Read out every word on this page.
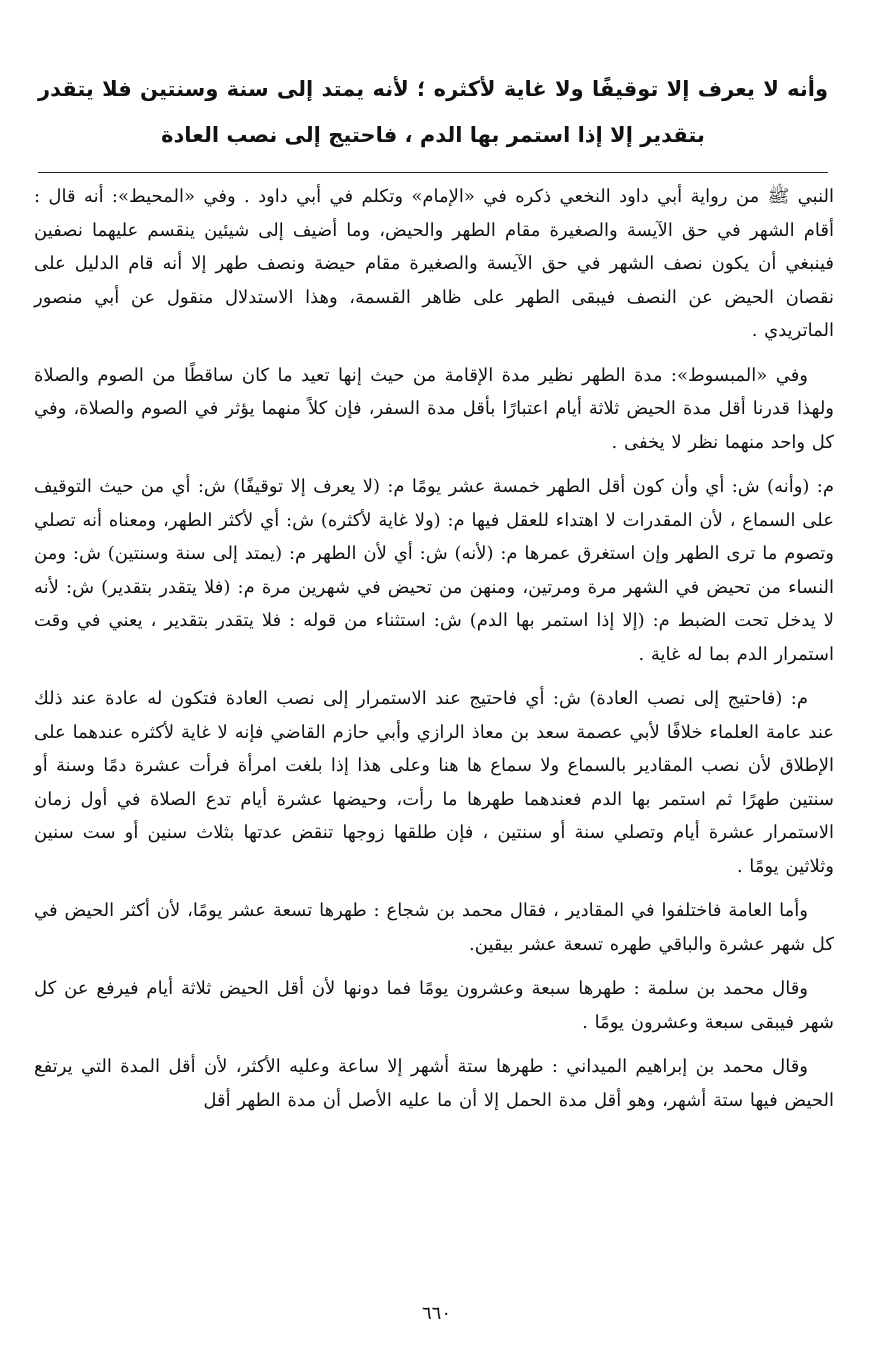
وأنه لا يعرف إلا توقيفًا ولا غاية لأكثره ؛ لأنه يمتد إلى سنة وسنتين فلا يتقدر بتقدير إلا إذا استمر بها الدم ، فاحتيج إلى نصب العادة

النبي ﷺ من رواية أبي داود النخعي ذكره في «الإمام» وتكلم في أبي داود . وفي «المحيط»: أنه قال : أقام الشهر في حق الآيسة والصغيرة مقام الطهر والحيض، وما أضيف إلى شيئين ينقسم عليهما نصفين فينبغي أن يكون نصف الشهر في حق الآيسة والصغيرة مقام حيضة ونصف طهر إلا أنه قام الدليل على نقصان الحيض عن النصف فيبقى الطهر على ظاهر القسمة، وهذا الاستدلال منقول عن أبي منصور الماتريدي .

وفي «المبسوط»: مدة الطهر نظير مدة الإقامة من حيث إنها تعيد ما كان ساقطًا من الصوم والصلاة ولهذا قدرنا أقل مدة الحيض ثلاثة أيام اعتبارًا بأقل مدة السفر، فإن كلاً منهما يؤثر في الصوم والصلاة، وفي كل واحد منهما نظر لا يخفى .

م: (وأنه) ش: أي وأن كون أقل الطهر خمسة عشر يومًا م: (لا يعرف إلا توقيفًا) ش: أي من حيث التوقيف على السماع ، لأن المقدرات لا اهتداء للعقل فيها م: (ولا غاية لأكثره) ش: أي لأكثر الطهر، ومعناه أنه تصلي وتصوم ما ترى الطهر وإن استغرق عمرها م: (لأنه) ش: أي لأن الطهر م: (يمتد إلى سنة وسنتين) ش: ومن النساء من تحيض في الشهر مرة ومرتين، ومنهن من تحيض في شهرين مرة م: (فلا يتقدر بتقدير) ش: لأنه لا يدخل تحت الضبط م: (إلا إذا استمر بها الدم) ش: استثناء من قوله : فلا يتقدر بتقدير ، يعني في وقت استمرار الدم بما له غاية .

م: (فاحتيج إلى نصب العادة) ش: أي فاحتيج عند الاستمرار إلى نصب العادة فتكون له عادة عند ذلك عند عامة العلماء خلافًا لأبي عصمة سعد بن معاذ الرازي وأبي حازم القاضي فإنه لا غاية لأكثره عندهما على الإطلاق لأن نصب المقادير بالسماع ولا سماع ها هنا وعلى هذا إذا بلغت امرأة فرأت عشرة دمًا وسنة أو سنتين طهرًا ثم استمر بها الدم فعندهما طهرها ما رأت، وحيضها عشرة أيام تدع الصلاة في أول زمان الاستمرار عشرة أيام وتصلي سنة أو سنتين ، فإن طلقها زوجها تنقض عدتها بثلاث سنين أو ست سنين وثلاثين يومًا .

وأما العامة فاختلفوا في المقادير ، فقال محمد بن شجاع : طهرها تسعة عشر يومًا، لأن أكثر الحيض في كل شهر عشرة والباقي طهره تسعة عشر بيقين.

وقال محمد بن سلمة : طهرها سبعة وعشرون يومًا فما دونها لأن أقل الحيض ثلاثة أيام فيرفع عن كل شهر فيبقى سبعة وعشرون يومًا .

وقال محمد بن إبراهيم الميداني : طهرها ستة أشهر إلا ساعة وعليه الأكثر، لأن أقل المدة التي يرتفع الحيض فيها ستة أشهر، وهو أقل مدة الحمل إلا أن ما عليه الأصل أن مدة الطهر أقل

٦٦٠
